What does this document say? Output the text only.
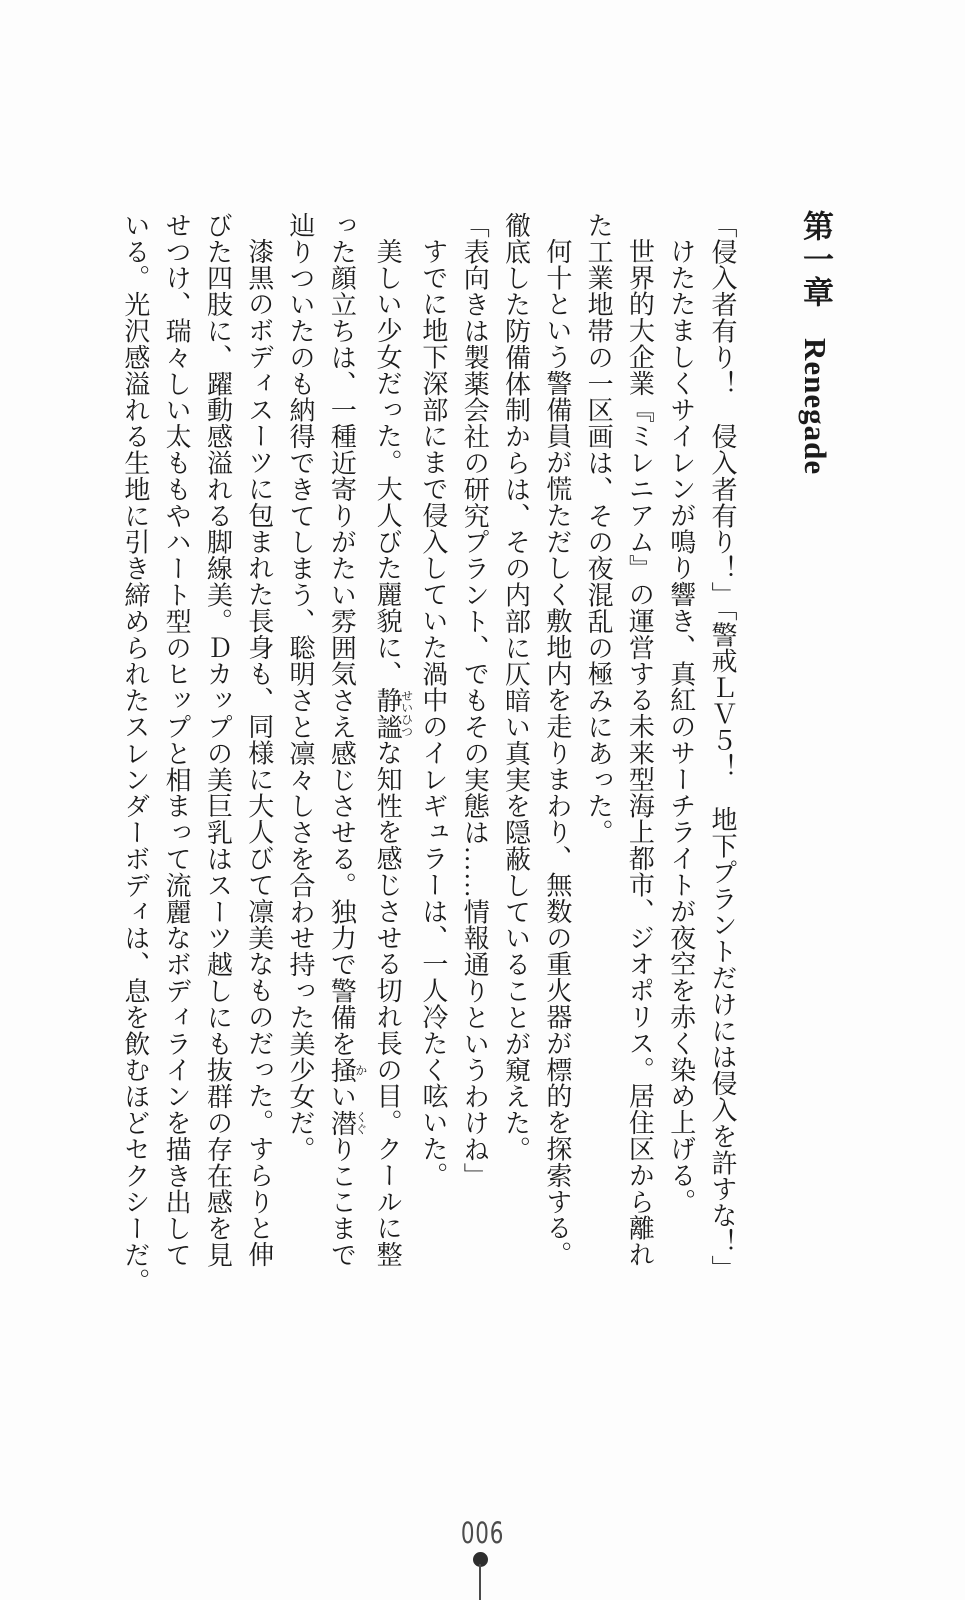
第一章Renegade

「侵入者有り！　侵入者有り！」「警戒ＬＶ５！　地下プラントだけには侵入を許すな！」

けたたましくサイレンが鳴り響き、真紅のサーチライトが夜空を赤く染め上げる。

世界的大企業『ミレニアム』の運営する未来型海上都市、ジオポリス。居住区から離れ

た工業地帯の一区画は、その夜混乱の極みにあった。

何十という警備員が慌ただしく敷地内を走りまわり、無数の重火器が標的を探索する。

徹底した防備体制からは、その内部に仄暗い真実を隠蔽していることが窺えた。

「表向きは製薬会社の研究プラント、でもその実態は……情報通りというわけね」

すでに地下深部にまで侵入していた渦中のイレギュラーは、一人冷たく呟いた。

美しい少女だった。大人びた麗貌に、静謐せいひつな知性を感じさせる切れ長の目。クールに整

った顔立ちは、一種近寄りがたい雰囲気さえ感じさせる。独力で警備を掻かい潜くぐりここまで

辿りついたのも納得できてしまう、聡明さと凛々しさを合わせ持った美少女だ。

漆黒のボディスーツに包まれた長身も、同様に大人びて凛美なものだった。すらりと伸

びた四肢に、躍動感溢れる脚線美。Ｄカップの美巨乳はスーツ越しにも抜群の存在感を見

せつけ、瑞々しい太ももやハート型のヒップと相まって流麗なボディラインを描き出して

いる。光沢感溢れる生地に引き締められたスレンダーボディは、息を飲むほどセクシーだ。

006
